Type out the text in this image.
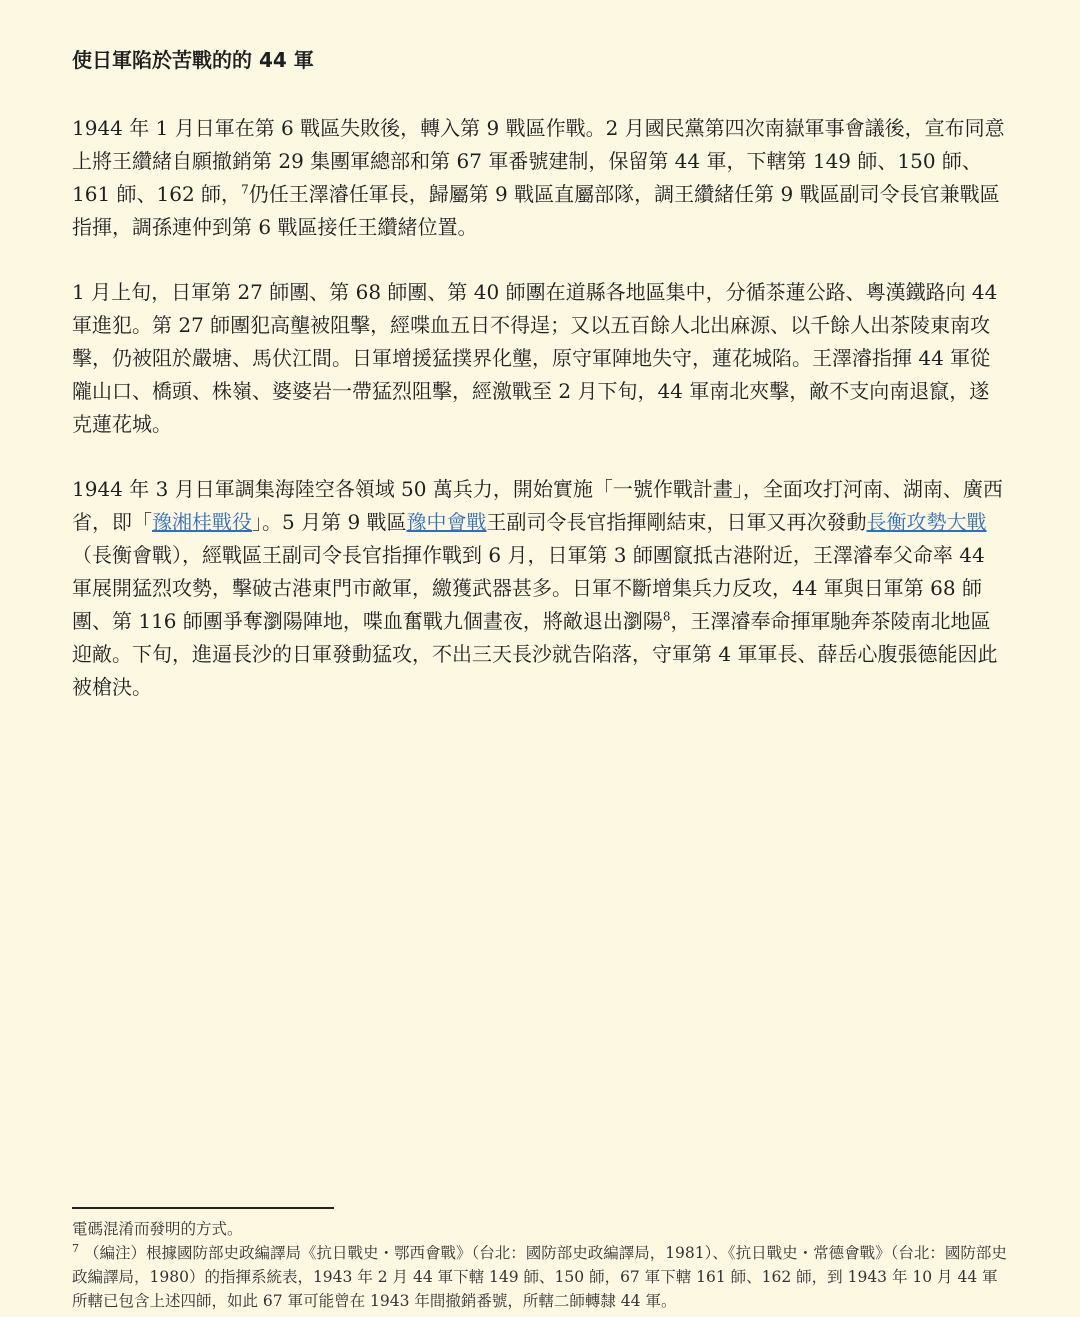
使日軍陷於苦戰的的 44 軍

1944 年 1 月日軍在第 6 戰區失敗後，轉入第 9 戰區作戰。2 月國民黨第四次南嶽軍事會議後，宣布同意上將王纘緒自願撤銷第 29 集團軍總部和第 67 軍番號建制，保留第 44 軍，下轄第 149 師、150 師、161 師、162 師，$^7$仍任王澤濬任軍長，歸屬第 9 戰區直屬部隊，調王纘緒任第 9 戰區副司令長官兼戰區指揮，調孫連仲到第 6 戰區接任王纘緒位置。

1 月上旬，日軍第 27 師團、第 68 師團、第 40 師團在道縣各地區集中，分循茶蓮公路、粵漢鐵路向 44 軍進犯。第 27 師團犯高壟被阻擊，經喋血五日不得逞；又以五百餘人北出麻源、以千餘人出茶陵東南攻擊，仍被阻於嚴塘、馬伏江間。日軍增援猛撲界化壟，原守軍陣地失守，蓮花城陷。王澤濬指揮 44 軍從隴山口、橋頭、株嶺、婆婆岩一帶猛烈阻擊，經激戰至 2 月下旬，44 軍南北夾擊，敵不支向南退竄，遂克蓮花城。

1944 年 3 月日軍調集海陸空各領域 50 萬兵力，開始實施「一號作戰計畫」，全面攻打河南、湖南、廣西省，即「豫湘桂戰役」。5 月第 9 戰區豫中會戰王副司令長官指揮剛結束，日軍又再次發動長衡攻勢大戰（長衡會戰），經戰區王副司令長官指揮作戰到 6 月，日軍第 3 師團竄抵古港附近，王澤濬奉父命率 44 軍展開猛烈攻勢，擊破古港東門市敵軍，繳獲武器甚多。日軍不斷增集兵力反攻，44 軍與日軍第 68 師團、第 116 師團爭奪瀏陽陣地，喋血奮戰九個晝夜，將敵退出瀏陽$^8$，王澤濬奉命揮軍馳奔茶陵南北地區迎敵。下旬，進逼長沙的日軍發動猛攻，不出三天長沙就告陷落，守軍第 4 軍軍長、薛岳心腹張德能因此被槍決。

電碼混淆而發明的方式。

$^7$ （編注）根據國防部史政編譯局《抗日戰史・鄂西會戰》（台北：國防部史政編譯局，1981）、《抗日戰史・常德會戰》（台北：國防部史政編譯局，1980）的指揮系統表，1943 年 2 月 44 軍下轄 149 師、150 師，67 軍下轄 161 師、162 師，到 1943 年 10 月 44 軍所轄已包含上述四師，如此 67 軍可能曾在 1943 年間撤銷番號，所轄二師轉隸 44 軍。
